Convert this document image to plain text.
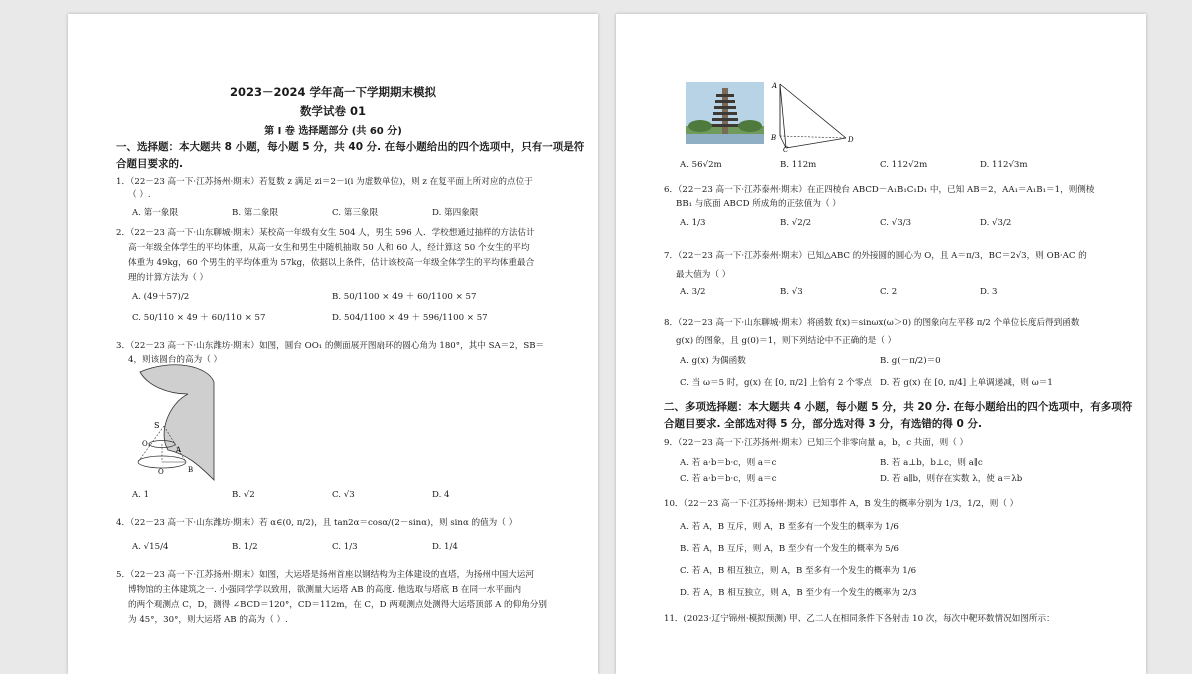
2023－2024 学年高一下学期期末模拟
数学试卷 01
第 I 卷 选择题部分 (共 60 分)
一、选择题：本大题共 8 小题，每小题 5 分，共 40 分. 在每小题给出的四个选项中，只有一项是符
合题目要求的.
1．（22－23 高一下·江苏扬州·期末）若复数 z 满足 zi＝2－i(i 为虚数单位)，则 z 在复平面上所对应的点位于
（ ）.
A. 第一象限	B. 第二象限	C. 第三象限	D. 第四象限
2．（22－23 高一下·山东聊城·期末）某校高一年级有女生 504 人，男生 596 人．学校想通过抽样的方法估计
高一年级全体学生的平均体重，从高一女生和男生中随机抽取 50 人和 60 人，经计算这 50 个女生的平均
体重为 49kg，60 个男生的平均体重为 57kg，依据以上条件，估计该校高一年级全体学生的平均体重最合
理的计算方法为（ ）
A. (49＋57)/2	B. 50/1100 × 49 ＋ 60/1100 × 57
C. 50/110 × 49 ＋ 60/110 × 57	D. 504/1100 × 49 ＋ 596/1100 × 57
3．（22－23 高一下·山东潍坊·期末）如图，圆台 OO₁ 的侧面展开图扇环的圆心角为 180°，其中 SA＝2，SB＝
4，则该圆台的高为（ ）
S
O₁
A
O	B
A. 1	B. √2	C. √3	D. 4
4．（22－23 高一下·山东潍坊·期末）若 α∈(0, π/2)，且 tan2α＝cosα/(2－sinα)，则 sinα 的值为（ ）
A. √15/4	B. 1/2	C. 1/3	D. 1/4
5．（22－23 高一下·江苏扬州·期末）如图，大运塔是扬州首座以钢结构为主体建设的直塔，为扬州中国大运河
博物馆的主体建筑之一. 小强同学学以致用，欲测量大运塔 AB 的高度. 他选取与塔底 B 在同一水平面内
的两个观测点 C，D，测得 ∠BCD＝120°，CD＝112m，在 C，D 两观测点处测得大运塔顶部 A 的仰角分别
为 45°，30°，则大运塔 AB 的高为（ ）.
A
B
C
D
A. 56√2m	B. 112m	C. 112√2m	D. 112√3m
6．（22－23 高一下·江苏泰州·期末）在正四棱台 ABCD－A₁B₁C₁D₁ 中，已知 AB＝2，AA₁＝A₁B₁＝1，则侧棱
BB₁ 与底面 ABCD 所成角的正弦值为（ ）
A. 1/3	B. √2/2	C. √3/3	D. √3/2
7．（22－23 高一下·江苏泰州·期末）已知△ABC 的外接圆的圆心为 O，且 A＝π/3，BC＝2√3，则 OB·AC 的
最大值为（ ）
A. 3/2	B. √3	C. 2	D. 3
8．（22－23 高一下·山东聊城·期末）将函数 f(x)＝sinωx(ω＞0) 的图象向左平移 π/2 个单位长度后得到函数
g(x) 的图象，且 g(0)＝1，则下列结论中不正确的是（ ）
A. g(x) 为偶函数	B. g(－π/2)＝0
C. 当 ω＝5 时，g(x) 在 [0, π/2] 上恰有 2 个零点 D. 若 g(x) 在 [0, π/4] 上单调递减，则 ω＝1
二、多项选择题：本大题共 4 小题，每小题 5 分，共 20 分. 在每小题给出的四个选项中，有多项符
合题目要求. 全部选对得 5 分，部分选对得 3 分，有选错的得 0 分.
9．（22－23 高一下·江苏扬州·期末）已知三个非零向量 a，b，c 共面，则（ ）
A. 若 a·b＝b·c，则 a＝c	B. 若 a⊥b，b⊥c，则 a∥c
C. 若 a·b＝b·c，则 a＝c	D. 若 a∥b，则存在实数 λ，使 a＝λb
10．（22－23 高一下·江苏扬州·期末）已知事件 A，B 发生的概率分别为 1/3，1/2，则（ ）
A. 若 A，B 互斥，则 A，B 至多有一个发生的概率为 1/6
B. 若 A，B 互斥，则 A，B 至少有一个发生的概率为 5/6
C. 若 A，B 相互独立，则 A，B 至多有一个发生的概率为 1/6
D. 若 A，B 相互独立，则 A，B 至少有一个发生的概率为 2/3
11．(2023·辽宁锦州·模拟预测) 甲、乙二人在相同条件下各射击 10 次，每次中靶环数情况如图所示：
